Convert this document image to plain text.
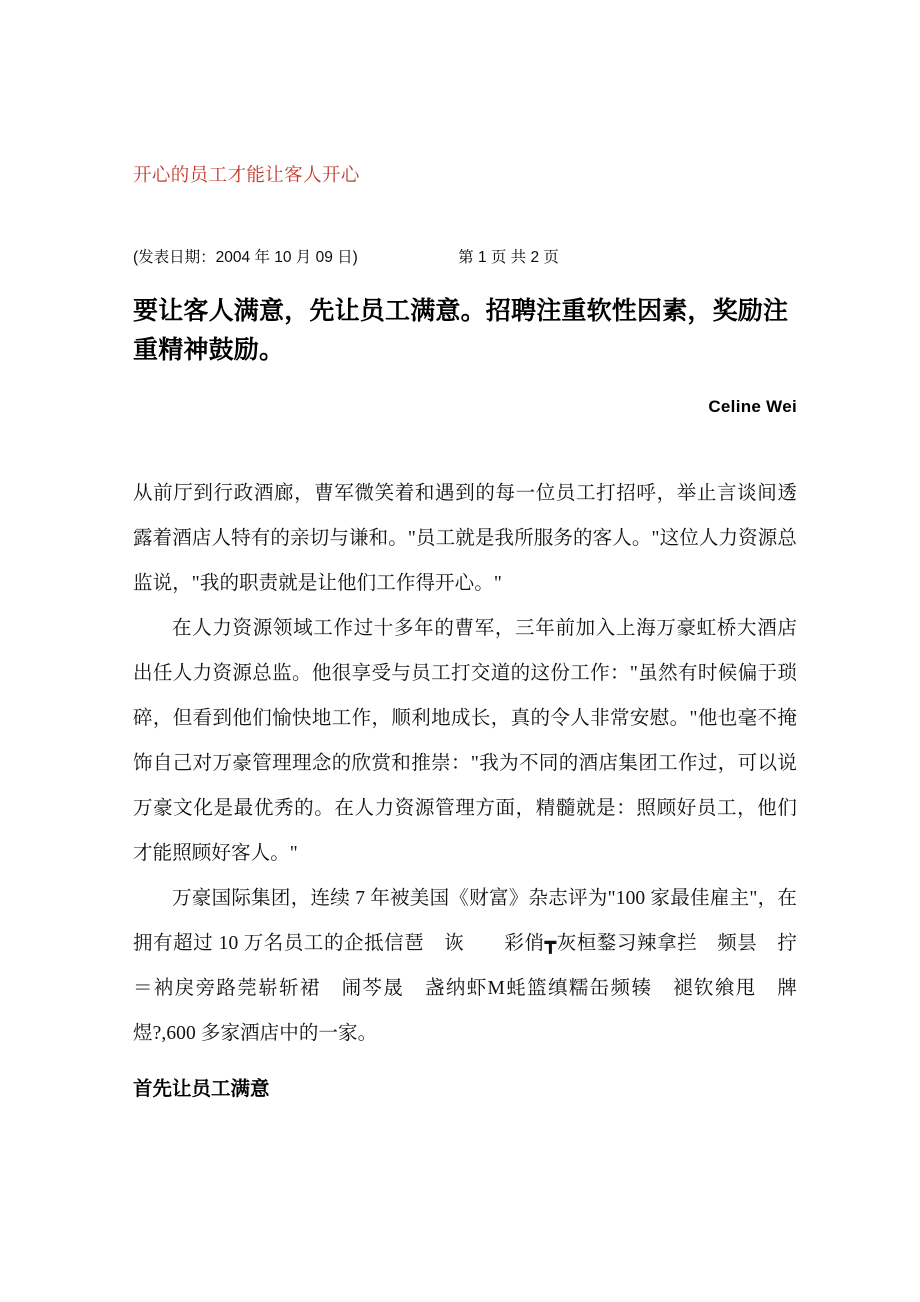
开心的员工才能让客人开心
(发表日期：2004 年 10 月 09 日)	第 1 页 共 2 页
要让客人满意，先让员工满意。招聘注重软性因素，奖励注重精神鼓励。
Celine Wei

从前厅到行政酒廊，曹军微笑着和遇到的每一位员工打招呼，举止言谈间透露着酒店人特有的亲切与谦和。"员工就是我所服务的客人。"这位人力资源总监说，"我的职责就是让他们工作得开心。"

在人力资源领域工作过十多年的曹军，三年前加入上海万豪虹桥大酒店出任人力资源总监。他很享受与员工打交道的这份工作："虽然有时候偏于琐碎，但看到他们愉快地工作，顺利地成长，真的令人非常安慰。"他也毫不掩饰自己对万豪管理理念的欣赏和推崇："我为不同的酒店集团工作过，可以说万豪文化是最优秀的。在人力资源管理方面，精髓就是：照顾好员工，他们才能照顾好客人。"

万豪国际集团，连续 7 年被美国《财富》杂志评为"100 家最佳雇主"，在拥有超过 10 万名员工的企抵信琶　诙　　彩俏┳灰桓鍪习辣拿拦　频昙　拧＝衲戾旁路莞崭斩裙　闹芩晟　盏纳虾M蚝篮缜糯缶频辏　褪钦飨甩　牌煜?,600 多家酒店中的一家。

首先让员工满意
